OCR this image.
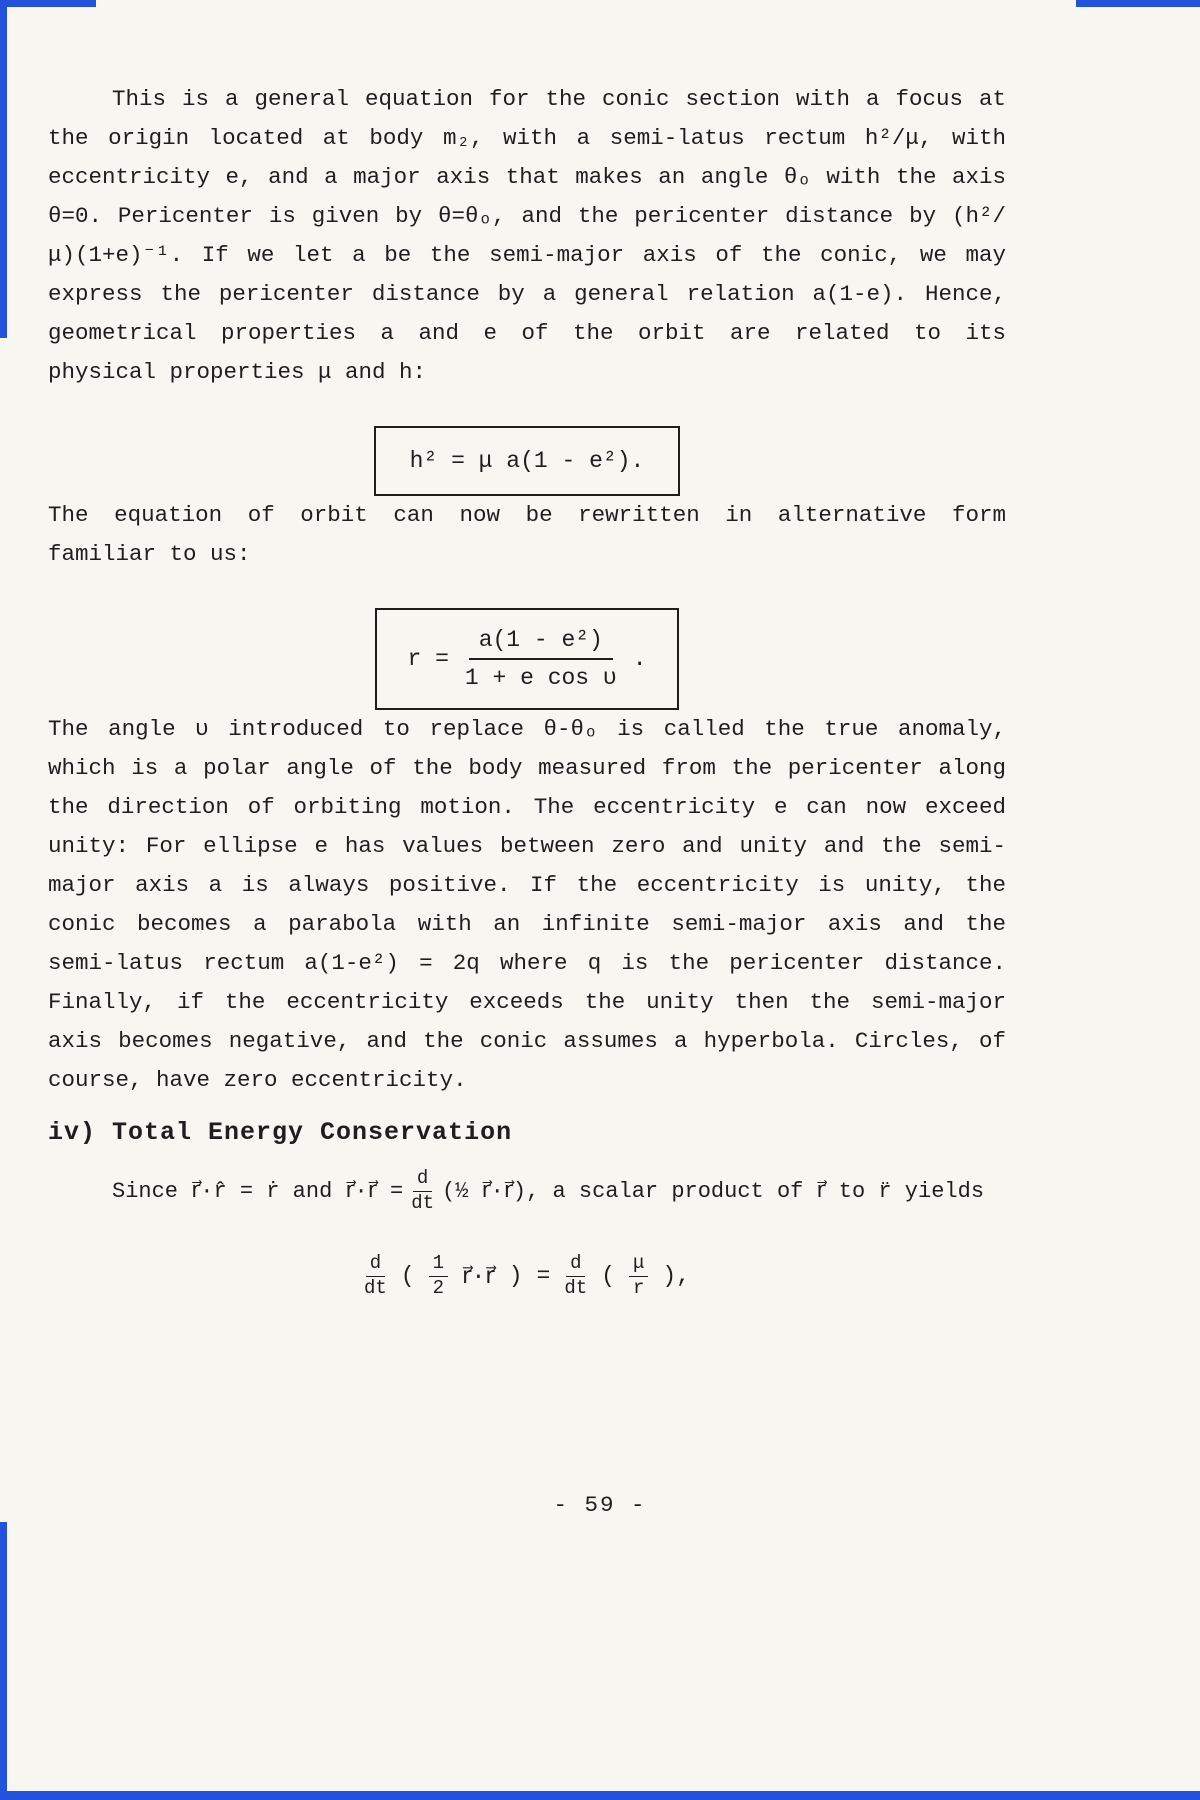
This is a general equation for the conic section with a focus at the origin located at body m₂, with a semi-latus rectum h²/μ, with eccentricity e, and a major axis that makes an angle θₒ with the axis θ=0. Pericenter is given by θ=θₒ, and the pericenter distance by (h²/μ)(1+e)⁻¹. If we let a be the semi-major axis of the conic, we may express the pericenter distance by a general relation a(1-e). Hence, geometrical properties a and e of the orbit are related to its physical properties μ and h:

h² = μ a(1 - e²).

The equation of orbit can now be rewritten in alternative form familiar to us:

$r = \frac{\text{a(1 - e²)}}{\text{1 + e cos υ}}$ .

The angle υ introduced to replace θ-θₒ is called the true anomaly, which is a polar angle of the body measured from the pericenter along the direction of orbiting motion. The eccentricity e can now exceed unity: For ellipse e has values between zero and unity and the semi-major axis a is always positive. If the eccentricity is unity, the conic becomes a parabola with an infinite semi-major axis and the semi-latus rectum a(1-e²) = 2q where q is the pericenter distance. Finally, if the eccentricity exceeds the unity then the semi-major axis becomes negative, and the conic assumes a hyperbola. Circles, of course, have zero eccentricity.

iv) Total Energy Conservation
Since r⃗·r̂ = ṙ and r⃗·r⃗ = $\frac{d}{dt}$ (½ r⃗·r⃗), a scalar product of r⃗ to r̈ yields
$\frac{d}{dt}$ ( $\frac{1}{2}$ r⃗·r⃗ ) = $\frac{d}{dt}$ ( $\frac{\mu}{r}$ ),
- 59 -
